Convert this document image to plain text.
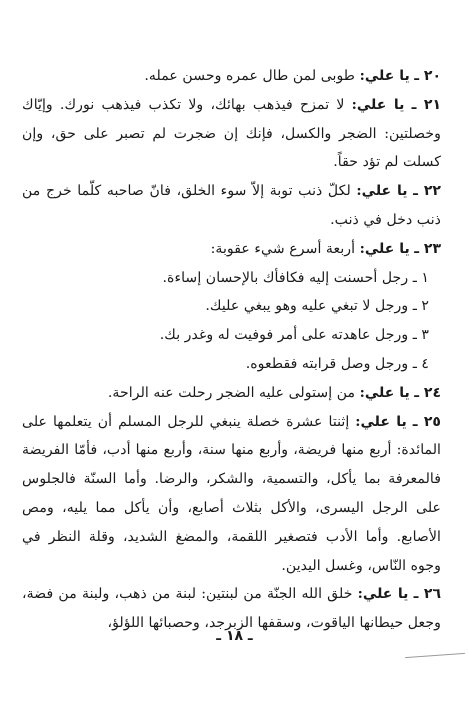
٢٠ ـ يا علي: طوبى لمن طال عمره وحسن عمله.

٢١ ـ يا علي: لا تمزح فيذهب بهائك، ولا تكذب فيذهب نورك. وإيّاك وخصلتين: الضجر والكسل، فإنك إن ضجرت لم تصبر على حق، وإن كسلت لم تؤد حقاً.

٢٢ ـ يا علي: لكلّ ذنب توبة إلاّ سوء الخلق، فانّ صاحبه كلّما خرج من ذنب دخل في ذنب.

٢٣ ـ يا علي: أربعة أسرع شيء عقوبة:

١ ـ رجل أحسنت إليه فكافأك بالإحسان إساءة.

٢ ـ ورجل لا تبغي عليه وهو يبغي عليك.

٣ ـ ورجل عاهدته على أمر فوفيت له وغدر بك.

٤ ـ ورجل وصل قرابته فقطعوه.

٢٤ ـ يا علي: من إستولى عليه الضجر رحلت عنه الراحة.

٢٥ ـ يا علي: إثنتا عشرة خصلة ينبغي للرجل المسلم أن يتعلمها على المائدة: أربع منها فريضة، وأربع منها سنة، وأربع منها أدب، فأمّا الفريضة فالمعرفة بما يأكل، والتسمية، والشكر، والرضا. وأما السنّة فالجلوس على الرجل اليسرى، والأكل بثلاث أصابع، وأن يأكل مما يليه، ومص الأصابع. وأما الأدب فتصغير اللقمة، والمضغ الشديد، وقلة النظر في وجوه النّاس، وغسل اليدين.

٢٦ ـ يا علي: خلق الله الجنّة من لبنتين: لبنة من ذهب، ولبنة من فضة، وجعل حيطانها الياقوت، وسقفها الزبرجد، وحصبائها اللؤلؤ،

ـ ١٨ ـ
